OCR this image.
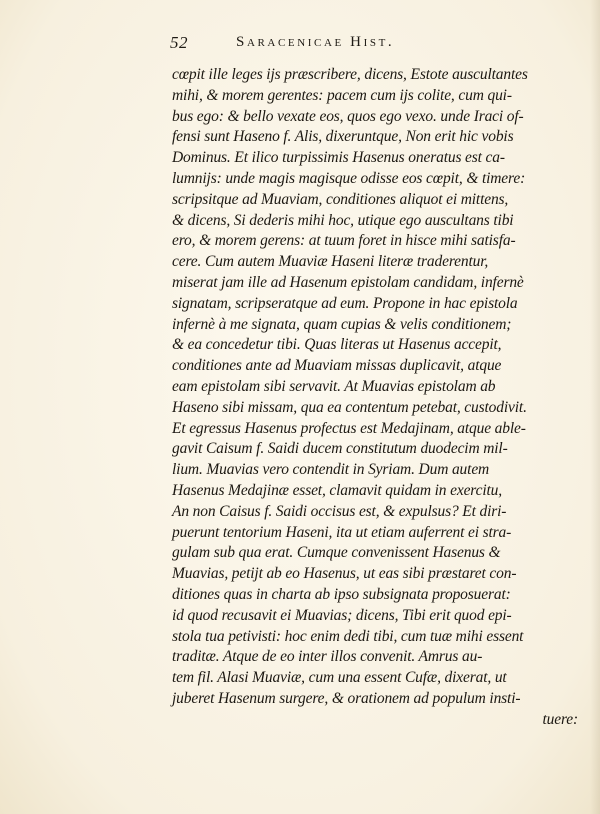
52	Saracenicae Hist.
cœpit ille leges ijs præscribere, dicens, Estote auscultantes
mihi, & morem gerentes: pacem cum ijs colite, cum qui-
bus ego: & bello vexate eos, quos ego vexo. unde Iraci of-
fensi sunt Haseno f. Alis, dixeruntque, Non erit hic vobis
Dominus. Et ilico turpissimis Hasenus oneratus est ca-
lumnijs: unde magis magisque odisse eos cœpit, & timere:
scripsitque ad Muaviam, conditiones aliquot ei mittens,
& dicens, Si dederis mihi hoc, utique ego auscultans tibi
ero, & morem gerens: at tuum foret in hisce mihi satisfa-
cere. Cum autem Muaviæ Haseni literæ traderentur,
miserat jam ille ad Hasenum epistolam candidam, infernè
signatam, scripseratque ad eum. Propone in hac epistola
infernè à me signata, quam cupias & velis conditionem;
& ea concedetur tibi. Quas literas ut Hasenus accepit,
conditiones ante ad Muaviam missas duplicavit, atque
eam epistolam sibi servavit. At Muavias epistolam ab
Haseno sibi missam, qua ea contentum petebat, custodivit.
Et egressus Hasenus profectus est Medajinam, atque able-
gavit Caisum f. Saidi ducem constitutum duodecim mil-
lium. Muavias vero contendit in Syriam. Dum autem
Hasenus Medajinæ esset, clamavit quidam in exercitu,
An non Caisus f. Saidi occisus est, & expulsus? Et diri-
puerunt tentorium Haseni, ita ut etiam auferrent ei stra-
gulam sub qua erat. Cumque convenissent Hasenus &
Muavias, petijt ab eo Hasenus, ut eas sibi præstaret con-
ditiones quas in charta ab ipso subsignata proposuerat:
id quod recusavit ei Muavias; dicens, Tibi erit quod epi-
stola tua petivisti: hoc enim dedi tibi, cum tuæ mihi essent
traditæ. Atque de eo inter illos convenit. Amrus au-
tem fil. Alasi Muaviæ, cum una essent Cufæ, dixerat, ut
juberet Hasenum surgere, & orationem ad populum insti-
tuere:
